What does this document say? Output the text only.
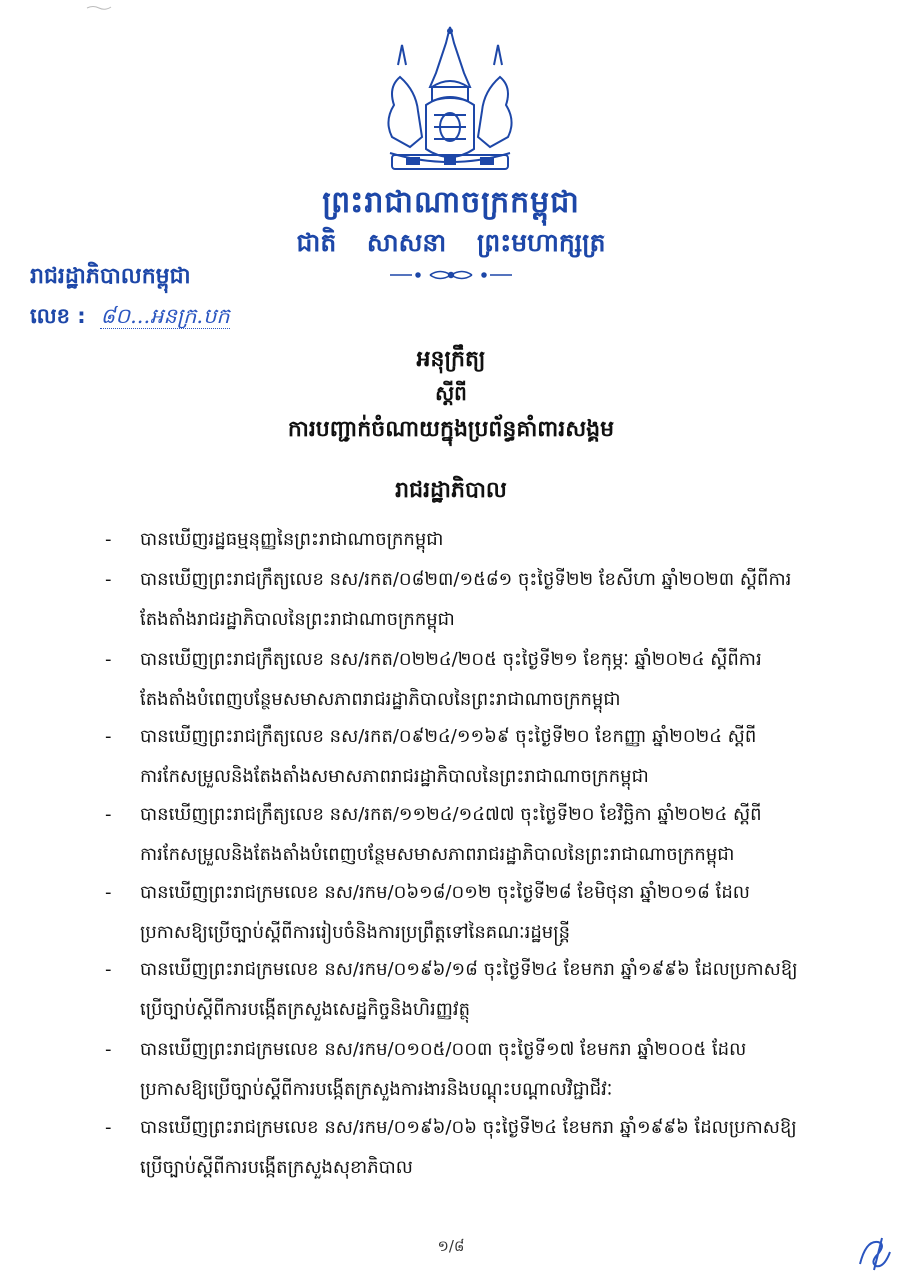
ព្រះរាជាណាចក្រកម្ពុជា
ជាតិ សាសនា ព្រះមហាក្សត្រ
រាជរដ្ឋាភិបាលកម្ពុជា
លេខ : ៨០...អនក្រ.បក
អនុក្រឹត្យ
ស្តីពី
ការបញ្ជាក់ចំណាយក្នុងប្រព័ន្ធគាំពារសង្គម
រាជរដ្ឋាភិបាល
-	បានឃើញរដ្ឋធម្មនុញ្ញនៃព្រះរាជាណាចក្រកម្ពុជា
-	បានឃើញព្រះរាជក្រឹត្យលេខ នស/រកត/០៨២៣/១៥៨១ ចុះថ្ងៃទី២២ ខែសីហា ឆ្នាំ២០២៣ ស្តីពីការតែងតាំងរាជរដ្ឋាភិបាលនៃព្រះរាជាណាចក្រកម្ពុជា
-	បានឃើញព្រះរាជក្រឹត្យលេខ នស/រកត/០២២៤/២០៥ ចុះថ្ងៃទី២១ ខែកុម្ភៈ ឆ្នាំ២០២៤ ស្តីពីការតែងតាំងបំពេញបន្ថែមសមាសភាពរាជរដ្ឋាភិបាលនៃព្រះរាជាណាចក្រកម្ពុជា
-	បានឃើញព្រះរាជក្រឹត្យលេខ នស/រកត/០៩២៤/១១៦៩ ចុះថ្ងៃទី២០ ខែកញ្ញា ឆ្នាំ២០២៤ ស្តីពីការកែសម្រួលនិងតែងតាំងសមាសភាពរាជរដ្ឋាភិបាលនៃព្រះរាជាណាចក្រកម្ពុជា
-	បានឃើញព្រះរាជក្រឹត្យលេខ នស/រកត/១១២៤/១៤៧៧ ចុះថ្ងៃទី២០ ខែវិច្ឆិកា ឆ្នាំ២០២៤ ស្តីពីការកែសម្រួលនិងតែងតាំងបំពេញបន្ថែមសមាសភាពរាជរដ្ឋាភិបាលនៃព្រះរាជាណាចក្រកម្ពុជា
-	បានឃើញព្រះរាជក្រមលេខ នស/រកម/០៦១៨/០១២ ចុះថ្ងៃទី២៨ ខែមិថុនា ឆ្នាំ២០១៨ ដែលប្រកាសឱ្យប្រើច្បាប់ស្តីពីការរៀបចំនិងការប្រព្រឹត្តទៅនៃគណៈរដ្ឋមន្ត្រី
-	បានឃើញព្រះរាជក្រមលេខ នស/រកម/០១៩៦/១៨ ចុះថ្ងៃទី២៤ ខែមករា ឆ្នាំ១៩៩៦ ដែលប្រកាសឱ្យប្រើច្បាប់ស្តីពីការបង្កើតក្រសួងសេដ្ឋកិច្ចនិងហិរញ្ញវត្ថុ
-	បានឃើញព្រះរាជក្រមលេខ នស/រកម/០១០៥/០០៣ ចុះថ្ងៃទី១៧ ខែមករា ឆ្នាំ២០០៥ ដែលប្រកាសឱ្យប្រើច្បាប់ស្តីពីការបង្កើតក្រសួងការងារនិងបណ្តុះបណ្តាលវិជ្ជាជីវៈ
-	បានឃើញព្រះរាជក្រមលេខ នស/រកម/០១៩៦/០៦ ចុះថ្ងៃទី២៤ ខែមករា ឆ្នាំ១៩៩៦ ដែលប្រកាសឱ្យប្រើច្បាប់ស្តីពីការបង្កើតក្រសួងសុខាភិបាល
១/៨
